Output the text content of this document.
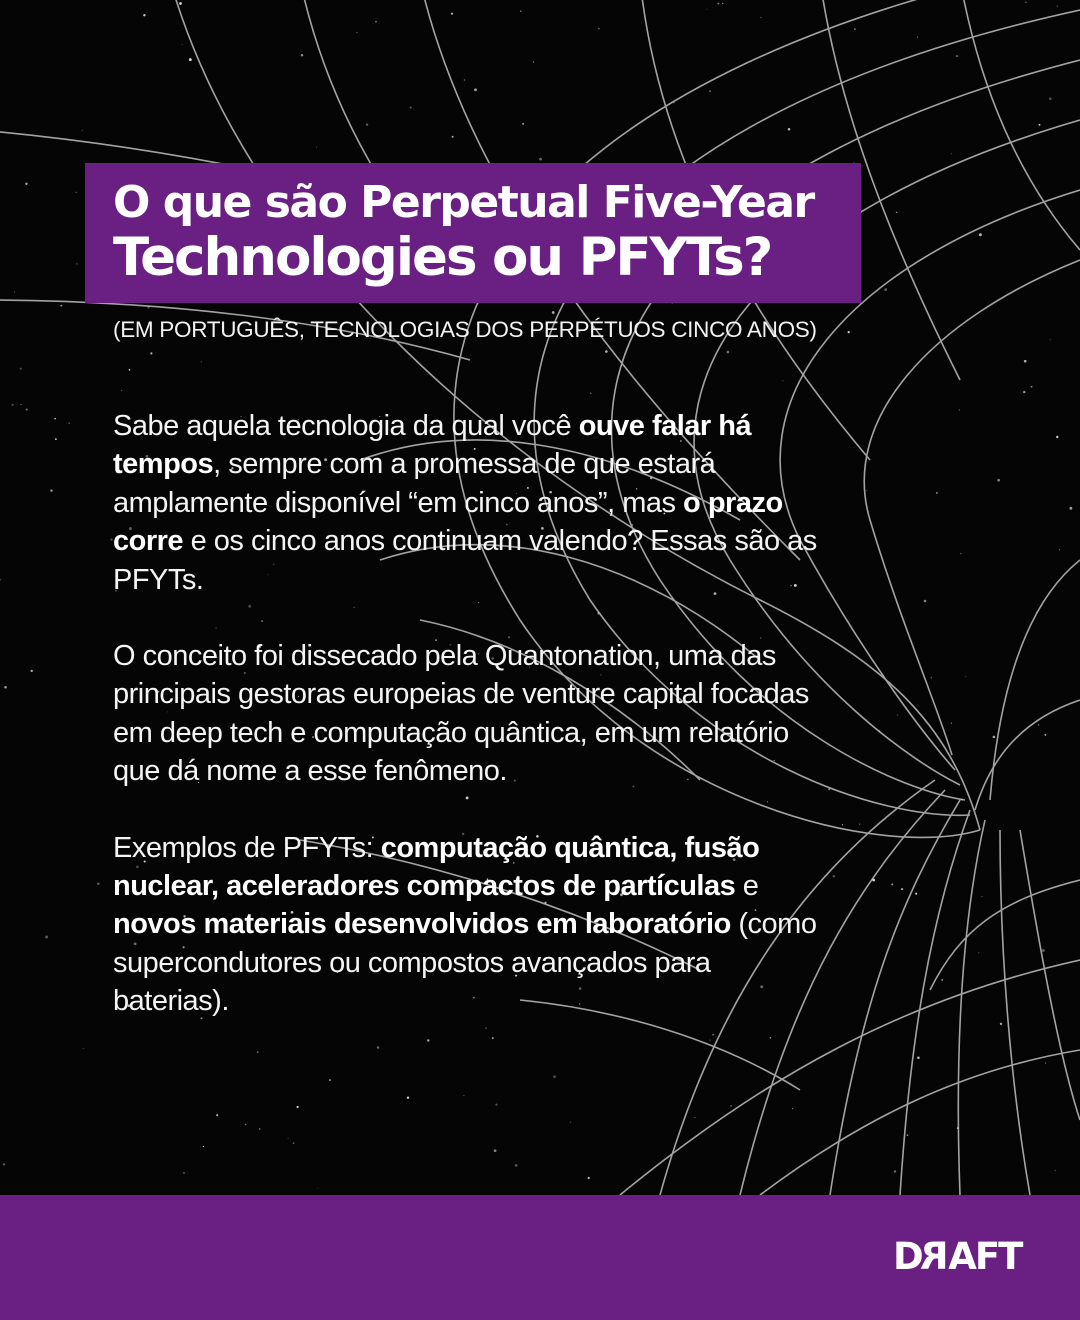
O que são Perpetual Five-Year
Technologies ou PFYTs?
(EM PORTUGUÊS, TECNOLOGIAS DOS PERPÉTUOS CINCO ANOS)

Sabe aquela tecnologia da qual você ouve falar há tempos, sempre com a promessa de que estará amplamente disponível “em cinco anos”, mas o prazo corre e os cinco anos continuam valendo? Essas são as PFYTs.

O conceito foi dissecado pela Quantonation, uma das principais gestoras europeias de venture capital focadas em deep tech e computação quântica, em um relatório que dá nome a esse fenômeno.

Exemplos de PFYTs: computação quântica, fusão nuclear, aceleradores compactos de partículas e novos materiais desenvolvidos em laboratório (como supercondutores ou compostos avançados para baterias).

DRAFT
